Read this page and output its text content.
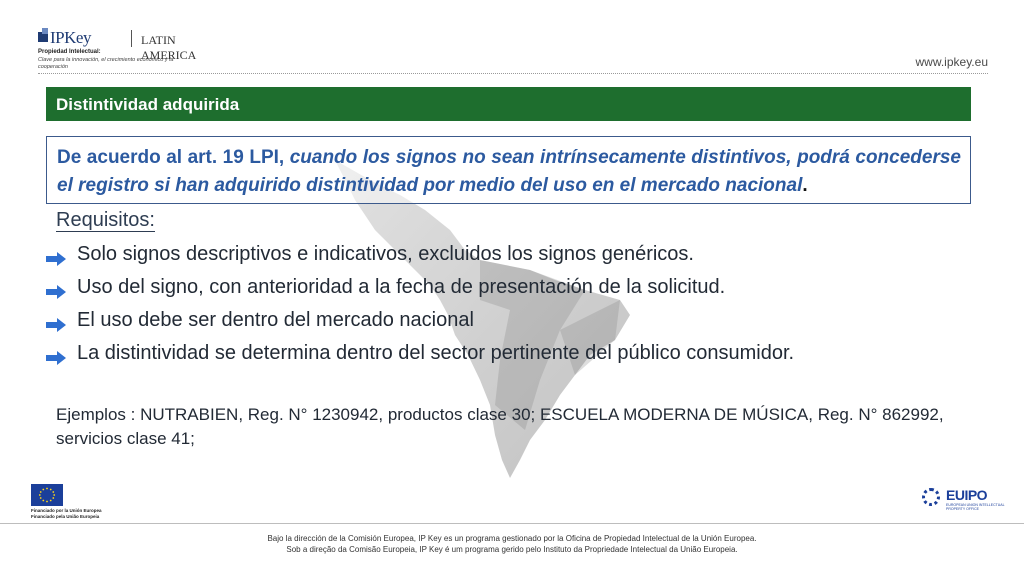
IPKey	LATIN AMERICA
Propiedad Intelectual:
Clave para la innovación, el crecimiento económico y la cooperación	www.ipkey.eu
Distintividad adquirida
De acuerdo al art. 19 LPI, cuando los signos no sean intrínsecamente distintivos, podrá concederse el registro si han adquirido distintividad por medio del uso en el mercado nacional.
Requisitos:
Solo signos descriptivos e indicativos, excluidos los signos genéricos.
Uso del signo, con anterioridad a la fecha de presentación de la solicitud.
El uso debe ser dentro del mercado nacional
La distintividad se determina dentro del sector pertinente del público consumidor.
Ejemplos : NUTRABIEN, Reg. N° 1230942, productos clase 30; ESCUELA MODERNA DE MÚSICA, Reg. N° 862992, servicios clase 41;
Financiado por la Unión Europea
Financiado pela União Europeia
EUIPO
EUROPEAN UNION INTELLECTUAL PROPERTY OFFICE
Bajo la dirección de la Comisión Europea, IP Key es un programa gestionado por la Oficina de Propiedad Intelectual de la Unión Europea.
Sob a direção da Comisão Europeia, IP Key é um programa gerido pelo Instituto da Propriedade Intelectual da União Europeia.
